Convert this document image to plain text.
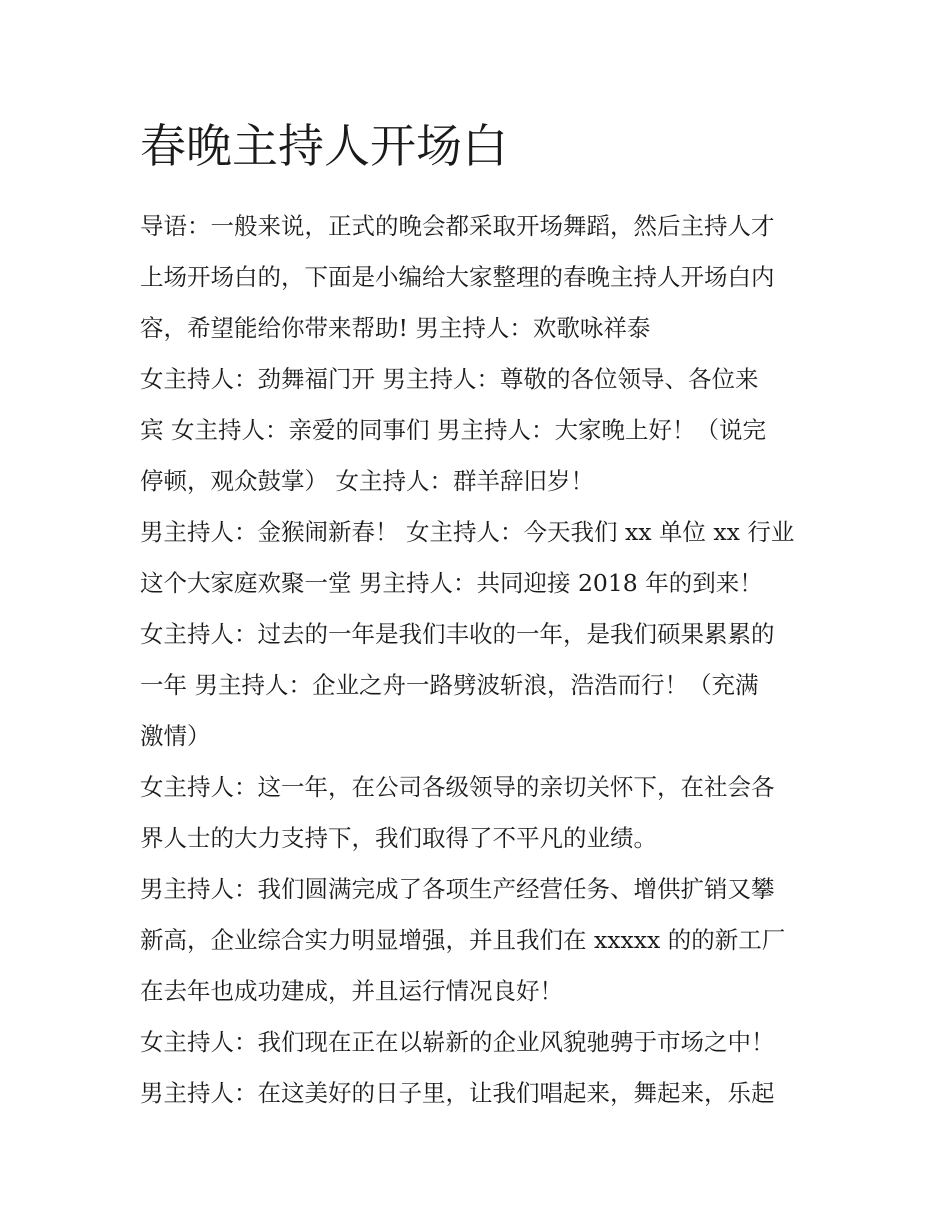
春晚主持人开场白
导语：一般来说，正式的晚会都采取开场舞蹈，然后主持人才
上场开场白的，下面是小编给大家整理的春晚主持人开场白内
容，希望能给你带来帮助! 男主持人：欢歌咏祥泰
女主持人：劲舞福门开 男主持人：尊敬的各位领导、各位来
宾 女主持人：亲爱的同事们 男主持人：大家晚上好！（说完
停顿，观众鼓掌） 女主持人：群羊辞旧岁！
男主持人：金猴闹新春！ 女主持人：今天我们 xx 单位 xx 行业
这个大家庭欢聚一堂 男主持人：共同迎接 2018 年的到来！
女主持人：过去的一年是我们丰收的一年，是我们硕果累累的
一年 男主持人：企业之舟一路劈波斩浪，浩浩而行！（充满
激情）
女主持人：这一年，在公司各级领导的亲切关怀下，在社会各
界人士的大力支持下，我们取得了不平凡的业绩。
男主持人：我们圆满完成了各项生产经营任务、增供扩销又攀
新高，企业综合实力明显增强，并且我们在 xxxxx 的的新工厂
在去年也成功建成，并且运行情况良好！
女主持人：我们现在正在以崭新的企业风貌驰骋于市场之中！
男主持人：在这美好的日子里，让我们唱起来，舞起来，乐起
